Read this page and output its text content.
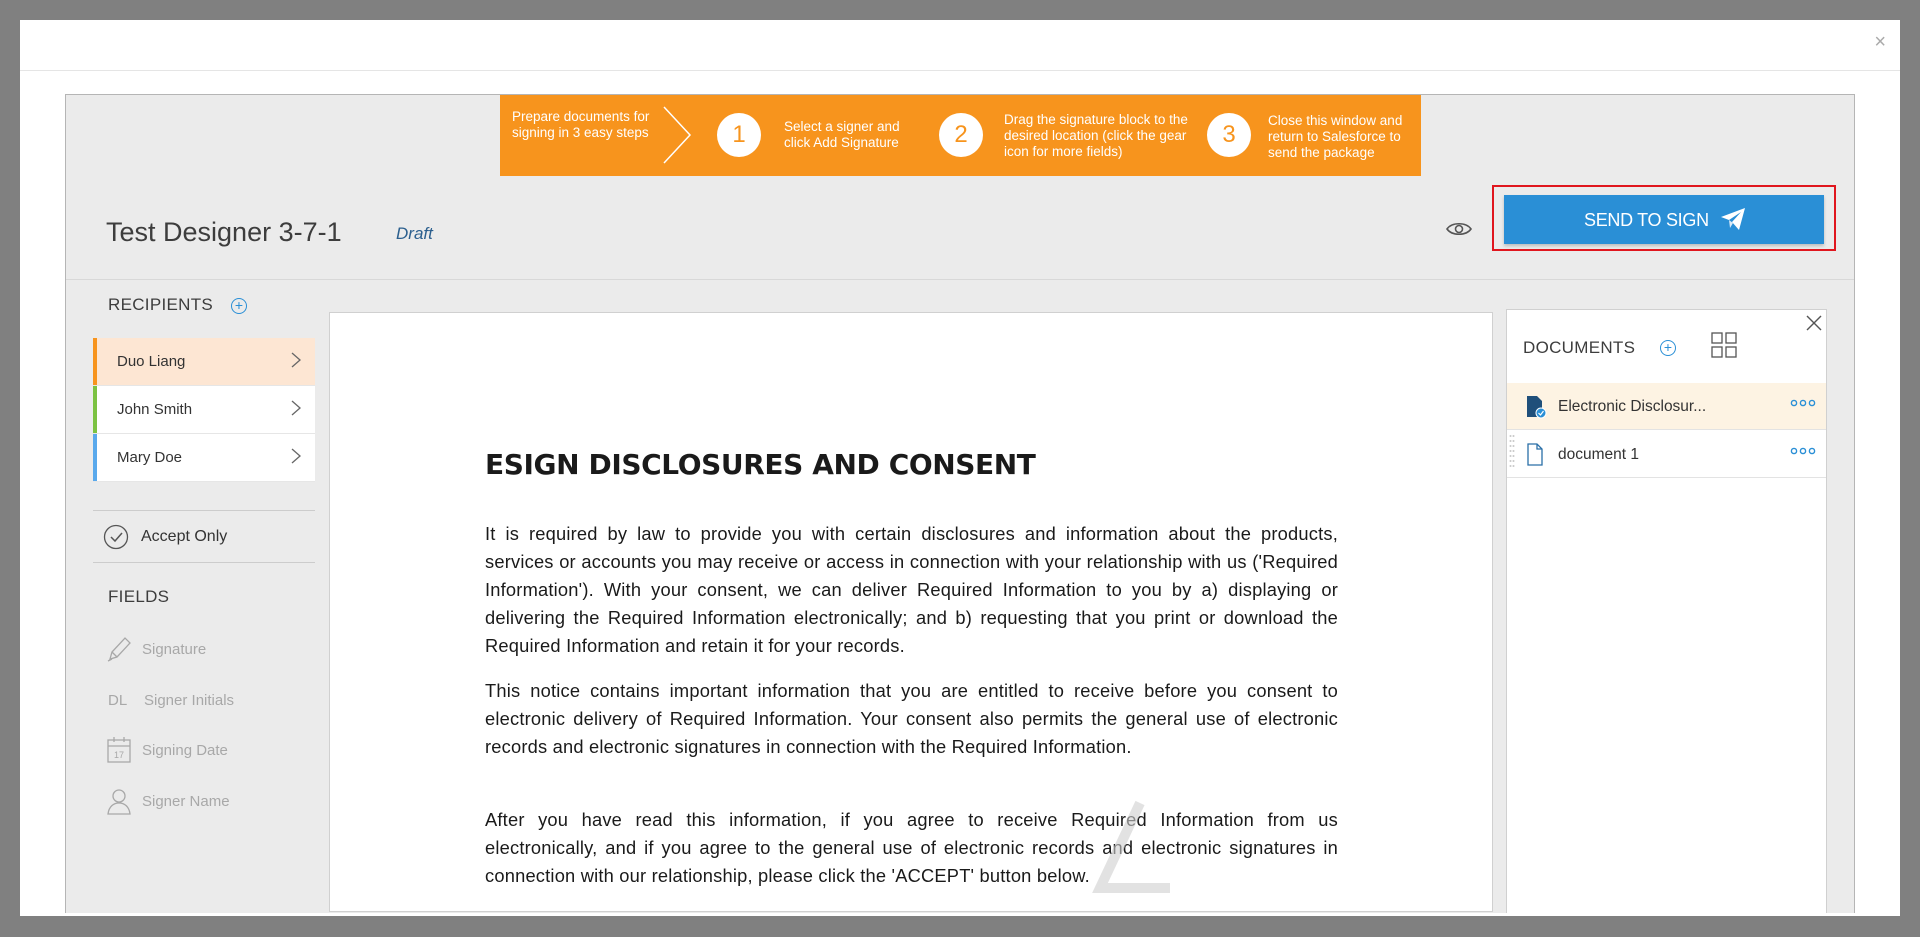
×
Prepare documents for signing in 3 easy steps	1	Select a signer and click Add Signature	2
Drag the signature block to the desired location (click the gear icon for more fields)
3
Close this window and return to Salesforce to send the package
Test Designer 3-7-1	Draft
SEND TO SIGN
RECIPIENTS +
Duo Liang
John Smith
Mary Doe
Accept Only
FIELDS
Signature
DL Signer Initials
17 Signing Date
Signer Name
ESIGN DISCLOSURES AND CONSENT
It is required by law to provide you with certain disclosures and information about the products, services or accounts you may receive or access in connection with your relationship with us ('Required Information'). With your consent, we can deliver Required Information to you by a) displaying or delivering the Required Information electronically; and b) requesting that you print or download the Required Information and retain it for your records.
This notice contains important information that you are entitled to receive before you consent to electronic delivery of Required Information. Your consent also permits the general use of electronic records and electronic signatures in connection with the Required Information.
After you have read this information, if you agree to receive Required Information from us electronically, and if you agree to the general use of electronic records and electronic signatures in connection with our relationship, please click the 'ACCEPT' button below.
DOCUMENTS +
Electronic Disclosur...
document 1
